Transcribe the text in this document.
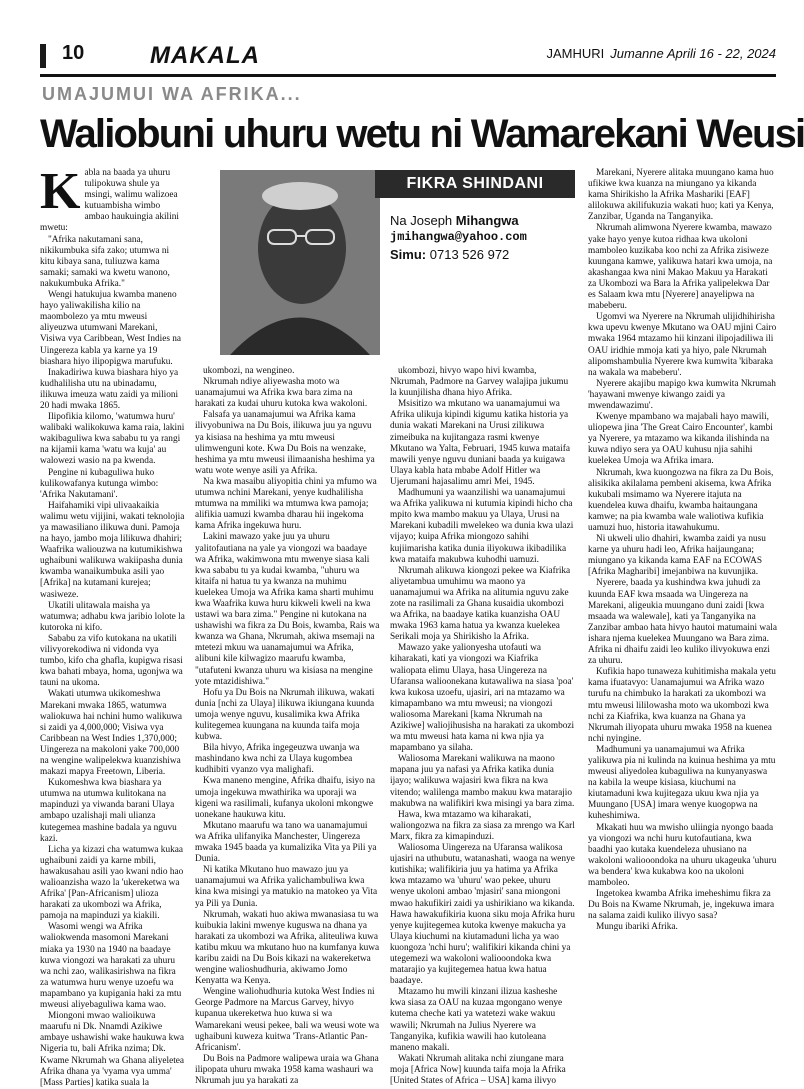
10	MAKALA	JAMHURI Jumanne Aprili 16 - 22, 2024
UMAJUMUI WA AFRIKA...
Waliobuni uhuru wetu ni Wamarekani Weusi
FIKRA SHINDANI
Na Joseph Mihangwa
jmihangwa@yahoo.com
Simu: 0713 526 972
K abla na baada ya uhuru tulipokuwa shule ya msingi, walimu walizoea kutuambisha wimbo ambao haukuingia akilini mwetu:

"Afrika nakutamani sana, nikikumbuka sifa zako; utumwa ni kitu kibaya sana, tuliuzwa kama samaki; samaki wa kwetu wanono, nakukumbuka Afrika."

Wengi hatukujua kwamba maneno hayo yaliwakilisha kilio na maombolezo ya mtu mweusi aliyeuzwa utumwani Marekani, Visiwa vya Caribbean, West Indies na Uingereza kabla ya karne ya 19 biashara hiyo ilipopigwa marufuku.

Inakadiriwa kuwa biashara hiyo ya kudhalilisha utu na ubinadamu, ilikuwa imeuza watu zaidi ya milioni 20 hadi mwaka 1865.

Ilipofikia kilomo, 'watumwa huru' walibaki walikokuwa kama raia, lakini wakibaguliwa kwa sababu tu ya rangi na kijamii kama 'watu wa kuja' au walowezi wasio na pa kwenda.

Pengine ni kubaguliwa huko kulikowafanya kutunga wimbo: 'Afrika Nakutamani'.

Haifahamiki vipi ulivaakaikia walimu wetu vijijini, wakati teknolojia ya mawasiliano ilikuwa duni. Pamoja na hayo, jambo moja lilikuwa dhahiri; Waafrika waliouzwa na kutumikishwa ughaibuni walikuwa wakiipasha dunia kwamba wanaikumbuka asili yao [Afrika] na kutamani kurejea; wasiweze.

Ukatili ulitawala maisha ya watumwa; adhabu kwa jaribio lolote la kutoroka ni kifo.

Sababu za vifo kutokana na ukatili vilivyorekodiwa ni vidonda vya tumbo, kifo cha ghafla, kupigwa risasi kwa bahati mbaya, homa, ugonjwa wa tauni na ukoma.

Wakati utumwa ukikomeshwa Marekani mwaka 1865, watumwa waliokuwa hai nchini humo walikuwa si zaidi ya 4,000,000; Visiwa vya Caribbean na West Indies 1,370,000; Uingereza na makoloni yake 700,000 na wengine walipelekwa kuanzishiwa makazi mapya Freetown, Liberia.

Kukomeshwa kwa biashara ya utumwa na utumwa kulitokana na mapinduzi ya viwanda barani Ulaya ambapo uzalishaji mali ulianza kutegemea mashine badala ya nguvu kazi.

Licha ya kizazi cha watumwa kukaa ughaibuni zaidi ya karne mbili, hawakusahau asili yao kwani ndio hao walioanzisha wazo la 'ukereketwa wa Afrika' [Pan-Africanism] ulioza harakati za ukombozi wa Afrika, pamoja na mapinduzi ya kiakili.

Wasomi wengi wa Afrika waliokwenda masomoni Marekani miaka ya 1930 na 1940 na baadaye kuwa viongozi wa harakati za uhuru wa nchi zao, walikasirishwa na fikra za watumwa huru wenye uzoefu wa mapambano ya kupigania haki za mtu mweusi aliyebaguliwa kama wao.

Miongoni mwao walioikuwa maarufu ni Dk. Nnamdi Azikiwe ambaye ushawishi wake haukuwa kwa Nigeria tu, bali Afrika nzima; Dk. Kwame Nkrumah wa Ghana aliyeletea Afrika dhana ya 'vyama vya umma' [Mass Parties] katika suala la

ukombozi, na wengineo.

Nkrumah ndiye aliyewasha moto wa uanamajumui wa Afrika kwa bara zima na harakati za kudai uhuru kutoka kwa wakoloni.

Falsafa ya uanamajumui wa Afrika kama ilivyobuniwa na Du Bois, ilikuwa juu ya nguvu ya kisiasa na heshima ya mtu mweusi ulimwenguni kote. Kwa Du Bois na wenzake, heshima ya mtu mweusi ilimaanisha heshima ya watu wote wenye asili ya Afrika.

Na kwa masaibu aliyopitia chini ya mfumo wa utumwa nchini Marekani, yenye kudhalilisha mtumwa na mmiliki wa mtumwa kwa pamoja; alifikia uamuzi kwamba dharau hii ingekoma kama Afrika ingekuwa huru.

Lakini mawazo yake juu ya uhuru yalitofautiana na yale ya viongozi wa baadaye wa Afrika, wakimwona mtu mwenye siasa kali kwa sababu tu ya kudai kwamba, "uhuru wa kitaifa ni hatua tu ya kwanza na muhimu kuelekea Umoja wa Afrika kama sharti muhimu kwa Waafrika kuwa huru kikweli kweli na kwa ustawi wa bara zima." Pengine ni kutokana na ushawishi wa fikra za Du Bois, kwamba, Rais wa kwanza wa Ghana, Nkrumah, akiwa msemaji na mtetezi mkuu wa uanamajumui wa Afrika, alibuni kile kilwagizo maarufu kwamba, "utafuteni kwanza uhuru wa kisiasa na mengine yote mtazidishiwa."

Hofu ya Du Bois na Nkrumah ilikuwa, wakati dunia [nchi za Ulaya] ilikuwa ikiungana kuunda umoja wenye nguvu, kusalimika kwa Afrika kulitegemea kuungana na kuunda taifa moja kubwa.

Bila hivyo, Afrika ingegeuzwa uwanja wa mashindano kwa nchi za Ulaya kugombea kudhibiti vyanzo vya malighafi.

Kwa maneno mengine, Afrika dhaifu, isiyo na umoja ingekuwa mwathirika wa uporaji wa kigeni wa rasilimali, kufanya ukoloni mkongwe uonekane haukuwa kitu.

Mkutano maarufu wa tano wa uanamajumui wa Afrika ulifanyika Manchester, Uingereza mwaka 1945 baada ya kumalizika Vita ya Pili ya Dunia.

Ni katika Mkutano huo mawazo juu ya uanamajumui wa Afrika yalichambuliwa kwa kina kwa misingi ya matukio na matokeo ya Vita ya Pili ya Dunia.

Nkrumah, wakati huo akiwa mwanasiasa tu wa kuibukia lakini mwenye kuguswa na dhana ya harakati za ukombozi wa Afrika, aliteuliwa kuwa katibu mkuu wa mkutano huo na kumfanya kuwa karibu zaidi na Du Bois kikazi na wakereketwa wengine walioshudhuria, akiwamo Jomo Kenyatta wa Kenya.

Wengine waliohudhuria kutoka West Indies ni George Padmore na Marcus Garvey, hivyo kupanua ukereketwa huo kuwa si wa Wamarekani weusi pekee, bali wa weusi wote wa ughaibuni kuweza kuitwa 'Trans-Atlantic Pan-Africanism'.

Du Bois na Padmore walipewa uraia wa Ghana ilipopata uhuru mwaka 1958 kama washauri wa Nkrumah juu ya harakati za

ukombozi, hivyo wapo hivi kwamba, Nkrumah, Padmore na Garvey walajipa jukumu la kuunjilisha dhana hiyo Afrika.

Msisitizo wa mkutano wa uanamajumui wa Afrika ulikuja kipindi kigumu katika historia ya dunia wakati Marekani na Urusi zilikuwa zimeibuka na kujitangaza rasmi kwenye Mkutano wa Yalta, Februari, 1945 kuwa mataifa mawili yenye nguvu duniani baada ya kuigawa Ulaya kabla hata mbabe Adolf Hitler wa Ujerumani hajasalimu amri Mei, 1945.

Madhumuni ya waanzilishi wa uanamajumui wa Afrika yalikuwa ni kutumia kipindi hicho cha mpito kwa mambo makuu ya Ulaya, Urusi na Marekani kubadili mwelekeo wa dunia kwa ulazi vijayo; kuipa Afrika miongozo sahihi kujiimarisha katika dunia iliyokuwa ikibadilika kwa mataifa makubwa kuhodhi uamuzi.

Nkrumah alikuwa kiongozi pekee wa Kiafrika aliyetambua umuhimu wa maono ya uanamajumui wa Afrika na alitumia nguvu zake zote na rasilimali za Ghana kusaidia ukombozi wa Afrika, na baadaye katika kuanzisha OAU mwaka 1963 kama hatua ya kwanza kuelekea Serikali moja ya Shirikisho la Afrika.

Mawazo yake yalionyesha utofauti wa kiharakati, kati ya viongozi wa Kiafrika waliopata elimu Ulaya, hasa Uingereza na Ufaransa walioonekana kutawaliwa na siasa 'poa' kwa kukosa uzoefu, ujasiri, ari na mtazamo wa kimapambano wa mtu mweusi; na viongozi waliosoma Marekani [kama Nkrumah na Azikiwe] waliojihusisha na harakati za ukombozi wa mtu mweusi hata kama ni kwa njia ya mapambano ya silaha.

Waliosoma Marekani walikuwa na maono mapana juu ya nafasi ya Afrika katika dunia ijayo; walikuwa wajasiri kwa fikra na kwa vitendo; walilenga mambo makuu kwa matarajio makubwa na walifikiri kwa misingi ya bara zima.

Hawa, kwa mtazamo wa kiharakati, waliongozwa na fikra za siasa za mrengo wa Karl Marx, fikra za kimapinduzi.

Waliosoma Uingereza na Ufaransa walikosa ujasiri na uthubutu, watanashati, waoga na wenye kutishika; walifikiria juu ya hatima ya Afrika kwa mtazamo wa 'uhuru' wao pekee, uhuru wenye ukoloni ambao 'mjasiri' sana miongoni mwao hakufikiri zaidi ya ushirikiano wa kikanda. Hawa hawakufikiria kuona siku moja Afrika huru yenye kujitegemea kutoka kwenye makucha ya Ulaya kiuchumi na kiutamaduni licha ya wao kuongoza 'nchi huru'; walifikiri kikanda chini ya utegemezi wa wakoloni waliooondoka kwa matarajio ya kujitegemea hatua kwa hatua baadaye.

Mtazamo hu mwili kinzani ilizua kasheshe kwa siasa za OAU na kuzaa mgongano wenye kutema cheche kati ya watetezi wake wakuu wawili; Nkrumah na Julius Nyerere wa Tanganyika, kufikia wawili hao kutoleana maneno makali.

Wakati Nkrumah alitaka nchi ziungane mara moja [Africa Now] kuunda taifa moja la Afrika [United States of Africa – USA] kama ilivyo

Marekani, Nyerere alitaka muungano kama huo ufikiwe kwa kuanza na miungano ya kikanda kama Shirikisho la Afrika Mashariki [EAF] alilokuwa akilifukuzia wakati huo; kati ya Kenya, Zanzibar, Uganda na Tanganyika.

Nkrumah alimwona Nyerere kwamba, mawazo yake hayo yenye kutoa ridhaa kwa ukoloni mamboleo kuzikaba koo nchi za Afrika zisiweze kuungana kamwe, yalikuwa hatari kwa umoja, na akashangaa kwa nini Makao Makuu ya Harakati za Ukombozi wa Bara la Afrika yalipelekwa Dar es Salaam kwa mtu [Nyerere] anayelipwa na mabeberu.

Ugomvi wa Nyerere na Nkrumah ulijidhihirisha kwa upevu kwenye Mkutano wa OAU mjini Cairo mwaka 1964 mtazamo hii kinzani ilipojadiliwa ili OAU iridhie mmoja kati ya hiyo, pale Nkrumah alipomshambulia Nyerere kwa kumwita 'kibaraka na wakala wa mabeberu'.

Nyerere akajibu mapigo kwa kumwita Nkrumah 'hayawani mwenye kiwango zaidi ya mwendawazimu'.

Kwenye mpambano wa majabali hayo mawili, uliopewa jina 'The Great Cairo Encounter', kambi ya Nyerere, ya mtazamo wa kikanda ilishinda na kuwa ndiyo sera ya OAU kuhusu njia sahihi kuelekea Umoja wa Afrika imara.

Nkrumah, kwa kuongozwa na fikra za Du Bois, alisikika akilalama pembeni akisema, kwa Afrika kukubali msimamo wa Nyerere itajuta na kuendelea kuwa dhaifu, kwamba haitaungana kamwe; na pia kwamba wale waliotiwa kufikia uamuzi huo, historia itawahukumu.

Ni ukweli ulio dhahiri, kwamba zaidi ya nusu karne ya uhuru hadi leo, Afrika haijaungana; miungano ya kikanda kama EAF na ECOWAS [Afrika Magharibi] imejanbiwa na kuvunjika.

Nyerere, baada ya kushindwa kwa juhudi za kuunda EAF kwa msaada wa Uingereza na Marekani, aligeukia muungano duni zaidi [kwa msaada wa walewale], kati ya Tanganyika na Zanzibar ambao hata hivyo hautoi matumaini wala ishara njema kuelekea Muungano wa Bara zima. Afrika ni dhaifu zaidi leo kuliko ilivyokuwa enzi za uhuru.

Kufikia hapo tunaweza kuhitimisha makala yetu kama ifuatavyo: Uanamajumui wa Afrika wazo turufu na chimbuko la harakati za ukombozi wa mtu mweusi lililowasha moto wa ukombozi kwa nchi za Kiafrika, kwa kuanza na Ghana ya Nkrumah iliyopata uhuru mwaka 1958 na kuenea nchi nyingine.

Madhumuni ya uanamajumui wa Afrika yalikuwa pia ni kulinda na kuinua heshima ya mtu mweusi aliyedolea kubaguliwa na kunyanyaswa na kabila la weupe kisiasa, kiuchumi na kiutamaduni kwa kujitegaza ukuu kwa njia ya Muungano [USA] imara wenye kuogopwa na kuheshimiwa.

Mkakati huu wa mwisho uliingia nyongo baada ya viongozi wa nchi huru kutofautiana, kwa baadhi yao kutaka kuendeleza uhusiano na wakoloni waliooondoka na uhuru ukageuka 'uhuru wa bendera' kwa kukabwa koo na ukoloni mamboleo.

Ingetokea kwamba Afrika imeheshimu fikra za Du Bois na Kwame Nkrumah, je, ingekuwa imara na salama zaidi kuliko ilivyo sasa?

Mungu ibariki Afrika.
